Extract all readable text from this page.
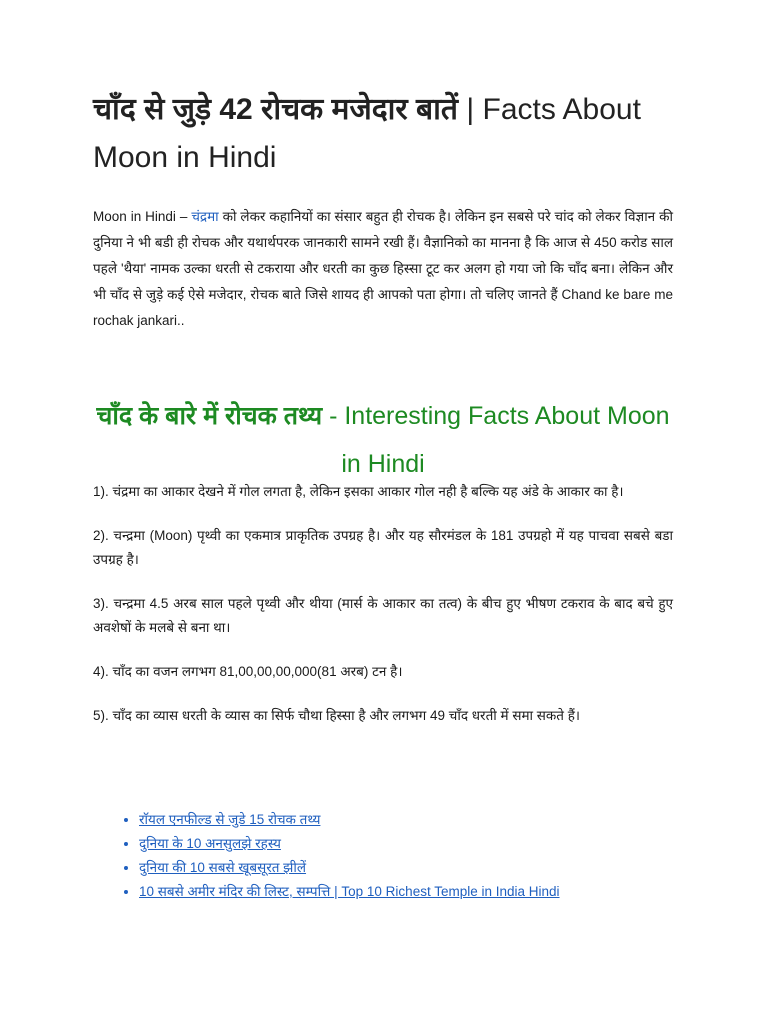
चाँद से जुड़े 42 रोचक मजेदार बातें | Facts About Moon in Hindi

Moon in Hindi – चंद्रमा को लेकर कहानियों का संसार बहुत ही रोचक है। लेकिन इन सबसे परे चांद को लेकर विज्ञान की दुनिया ने भी बडी ही रोचक और यथार्थपरक जानकारी सामने रखी हैं। वैज्ञानिको का मानना है कि आज से 450 करोड साल पहले 'थैया' नामक उल्का धरती से टकराया और धरती का कुछ हिस्सा टूट कर अलग हो गया जो कि चाँद बना। लेकिन और भी चाँद से जुड़े कई ऐसे मजेदार, रोचक बाते जिसे शायद ही आपको पता होगा। तो चलिए जानते हैं Chand ke bare me rochak jankari..

चाँद के बारे में रोचक तथ्य - Interesting Facts About Moon in Hindi

1). चंद्रमा का आकार देखने में गोल लगता है, लेकिन इसका आकार गोल नही है बल्कि यह अंडे के आकार का है।

2). चन्द्रमा (Moon) पृथ्वी का एकमात्र प्राकृतिक उपग्रह है। और यह सौरमंडल के 181 उपग्रहो में यह पाचवा सबसे बडा उपग्रह है।

3). चन्द्रमा 4.5 अरब साल पहले पृथ्वी और थीया (मार्स के आकार का तत्व) के बीच हुए भीषण टकराव के बाद बचे हुए अवशेषों के मलबे से बना था।

4). चाँद का वजन लगभग 81,00,00,00,000(81 अरब) टन है।

5). चाँद का व्यास धरती के व्यास का सिर्फ चौथा हिस्सा है और लगभग 49 चाँद धरती में समा सकते हैं।

• राॅयल एनफील्ड से जुडे 15 रोचक तथ्य
• दुनिया के 10 अनसुलझे रहस्य
• दुनिया की 10 सबसे खूबसूरत झीलें
• 10 सबसे अमीर मंदिर की लिस्ट, सम्पत्ति | Top 10 Richest Temple in India Hindi
